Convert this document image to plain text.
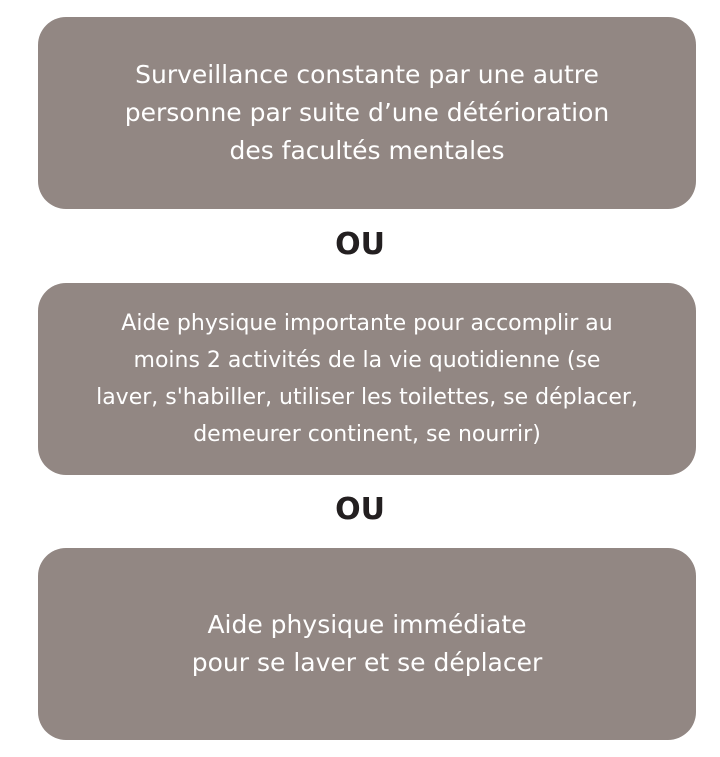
Surveillance constante par une autre
personne par suite d’une détérioration
des facultés mentales
OU
Aide physique importante pour accomplir au
moins 2 activités de la vie quotidienne (se
laver, s'habiller, utiliser les toilettes, se déplacer,
demeurer continent, se nourrir)
OU
Aide physique immédiate
pour se laver et se déplacer
